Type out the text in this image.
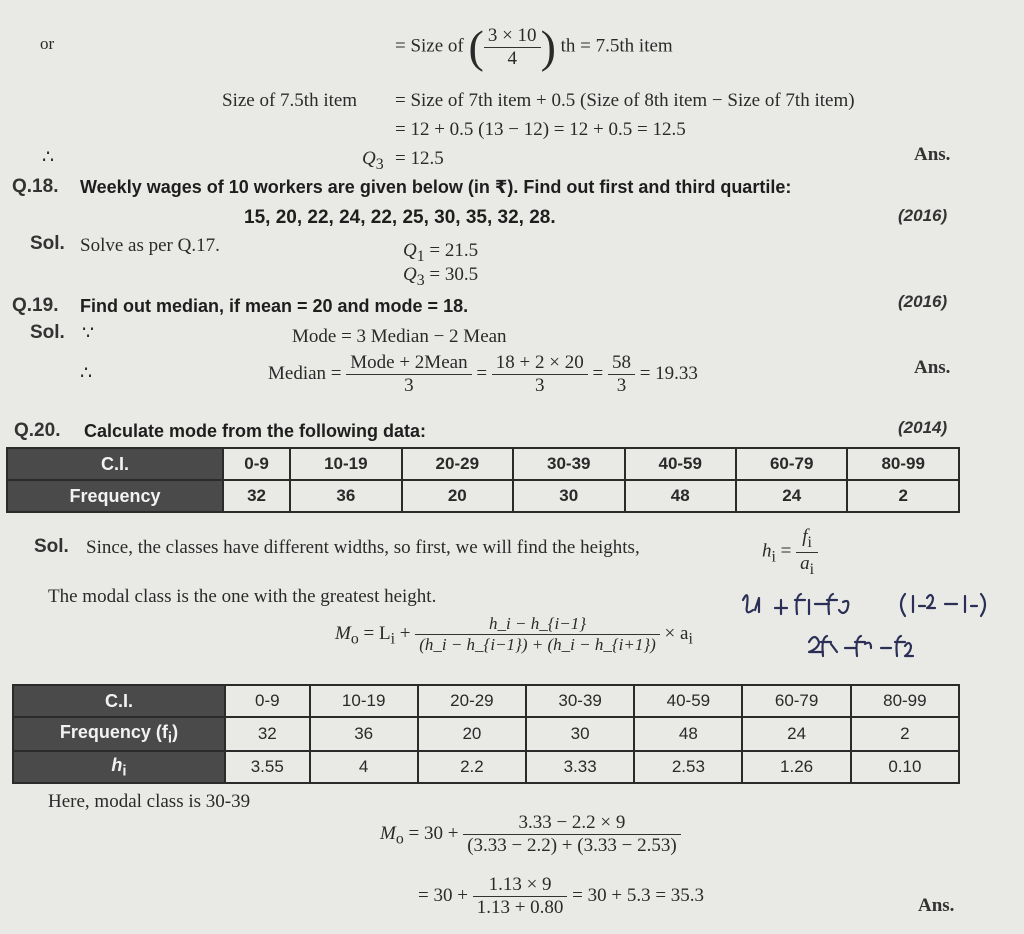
or	= Size of ( $\frac{3 \times 10}{4}$ ) th = 7.5th item
Size of 7.5th item = Size of 7th item + 0.5 (Size of 8th item − Size of 7th item)
= 12 + 0.5 (13 − 12) = 12 + 0.5 = 12.5
∴	$Q_3 = 12.5$	Ans.
Q.18. Weekly wages of 10 workers are given below (in ₹). Find out first and third quartile:
15, 20, 22, 24, 22, 25, 30, 35, 32, 28.	(2016)
Sol. Solve as per Q.17.	$Q_1 = 21.5$
$Q_3 = 30.5$
Q.19. Find out median, if mean = 20 and mode = 18.	(2016)
Sol. ∵	Mode = 3 Median − 2 Mean
∴	Median = $\frac{\text{Mode + 2Mean}}{3} = \frac{18 + 2 \times 20}{3} = \frac{58}{3} = 19.33$	Ans.
Q.20. Calculate mode from the following data:	(2014)
C.I.	0-9	10-19	20-29	30-39	40-59	60-79	80-99
Frequency	32	36	20	30	48	24	2
Sol. Since, the classes have different widths, so first, we will find the heights,	$h_i = \frac{f_i}{a_i}$
The modal class is the one with the greatest height.
$M_o = L_i + \frac{h\_i - h\_\{i-1\}}{(h\_i - h\_\{i-1\}) + (h\_i - h\_\{i+1\})} \times a_i$
C.I.	0-9	10-19	20-29	30-39	40-59	60-79	80-99
Frequency $(f_i)$	32	36	20	30	48	24	2
$h_i$	3.55	4	2.2	3.33	2.53	1.26	0.10
Here, modal class is 30-39
$M_o = 30 + \frac{3.33 - 2.2 \times 9}{(3.33 - 2.2) + (3.33 - 2.53)}$
= $30 + \frac{1.13 \times 9}{1.13 + 0.80} = 30 + 5.3 = 35.3$	Ans.
